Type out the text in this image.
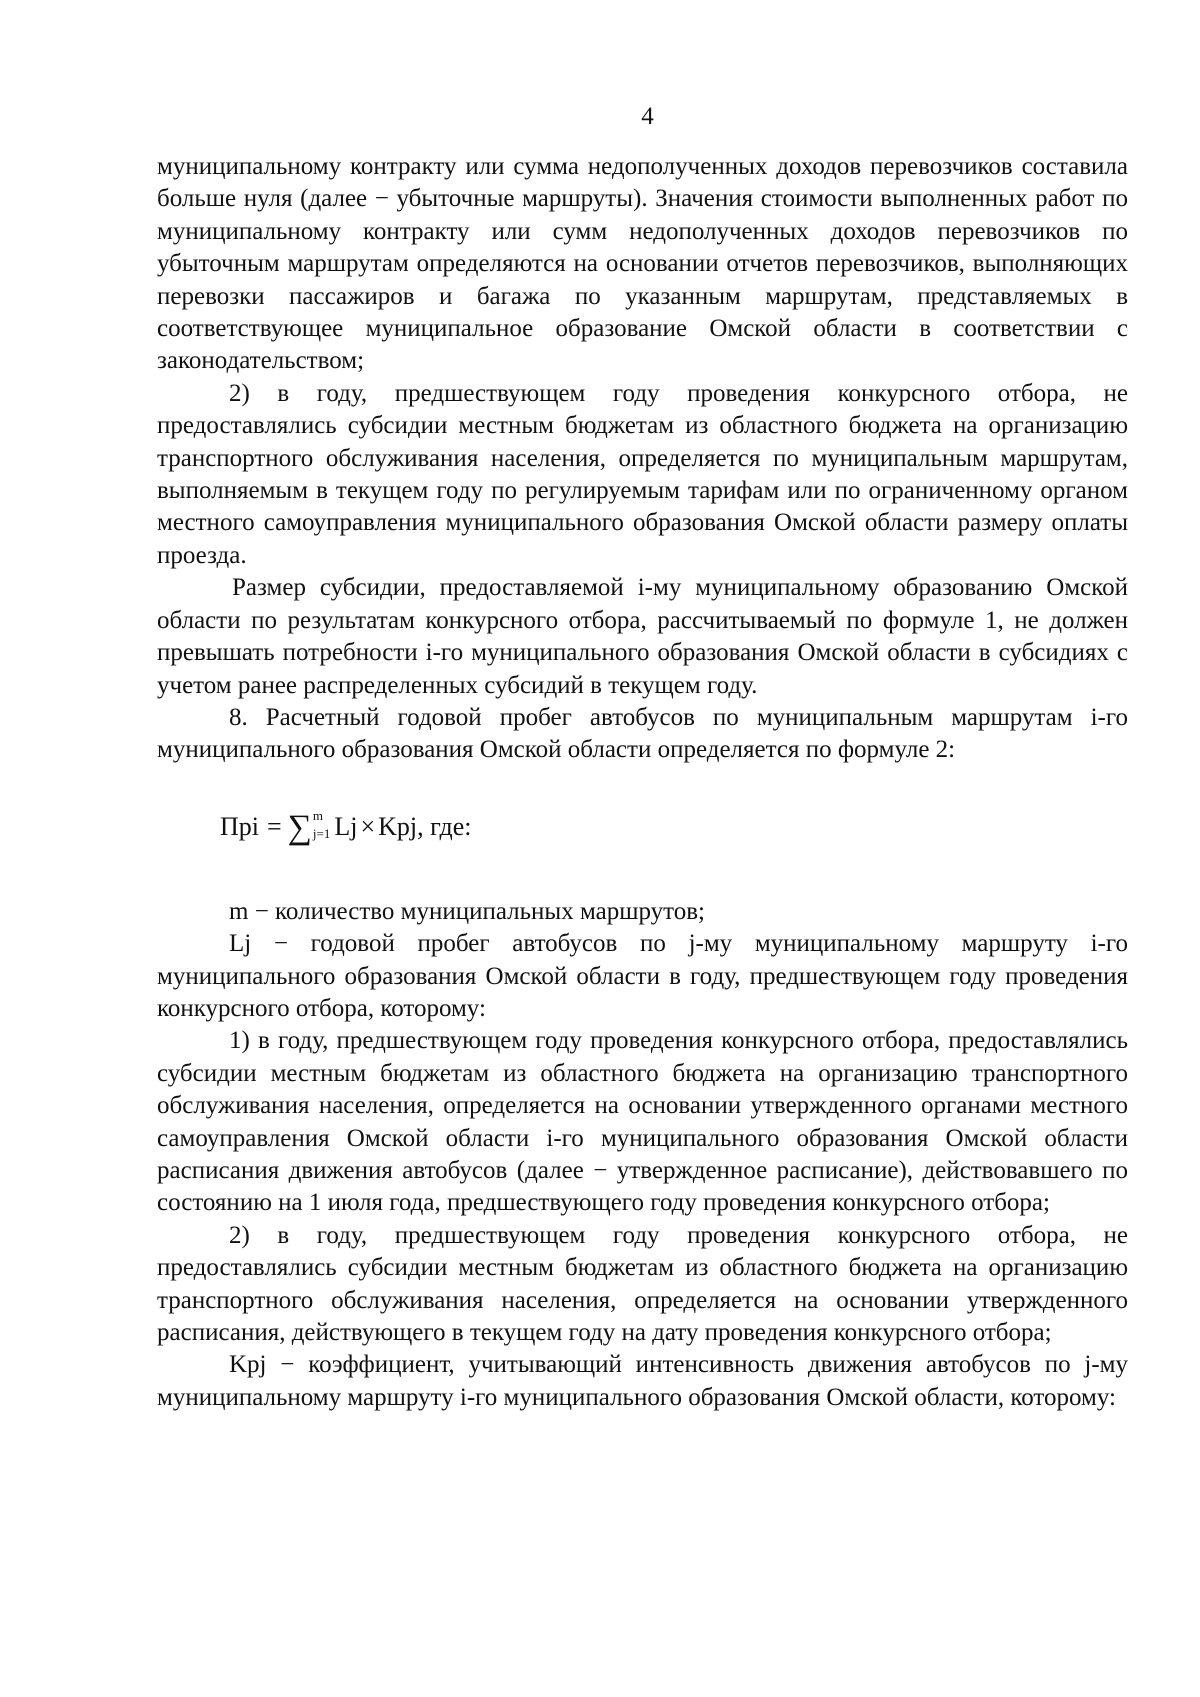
4

муниципальному контракту или сумма недополученных доходов перевозчиков составила больше нуля (далее − убыточные маршруты). Значения стоимости выполненных работ по муниципальному контракту или сумм недополученных доходов перевозчиков по убыточным маршрутам определяются на основании отчетов перевозчиков, выполняющих перевозки пассажиров и багажа по указанным маршрутам, представляемых в соответствующее муниципальное образование Омской области в соответствии с законодательством;

2) в году, предшествующем году проведения конкурсного отбора, не предоставлялись субсидии местным бюджетам из областного бюджета на организацию транспортного обслуживания населения, определяется по муниципальным маршрутам, выполняемым в текущем году по регулируемым тарифам или по ограниченному органом местного самоуправления муниципального образования Омской области размеру оплаты проезда.

Размер субсидии, предоставляемой i-му муниципальному образованию Омской области по результатам конкурсного отбора, рассчитываемый по формуле 1, не должен превышать потребности i-го муниципального образования Омской области в субсидиях с учетом ранее распределенных субсидий в текущем году.

8. Расчетный годовой пробег автобусов по муниципальным маршрутам i-го муниципального образования Омской области определяется по формуле 2:

Пpi = ∑ m
j=1 Lj × Kpj, где:

m − количество муниципальных маршрутов;

Lj − годовой пробег автобусов по j-му муниципальному маршруту i-го муниципального образования Омской области в году, предшествующем году проведения конкурсного отбора, которому:

1) в году, предшествующем году проведения конкурсного отбора, предоставлялись субсидии местным бюджетам из областного бюджета на организацию транспортного обслуживания населения, определяется на основании утвержденного органами местного самоуправления Омской области i-го муниципального образования Омской области расписания движения автобусов (далее − утвержденное расписание), действовавшего по состоянию на 1 июля года, предшествующего году проведения конкурсного отбора;

2) в году, предшествующем году проведения конкурсного отбора, не предоставлялись субсидии местным бюджетам из областного бюджета на организацию транспортного обслуживания населения, определяется на основании утвержденного расписания, действующего в текущем году на дату проведения конкурсного отбора;

Kpj − коэффициент, учитывающий интенсивность движения автобусов по j-му муниципальному маршруту i-го муниципального образования Омской области, которому:
